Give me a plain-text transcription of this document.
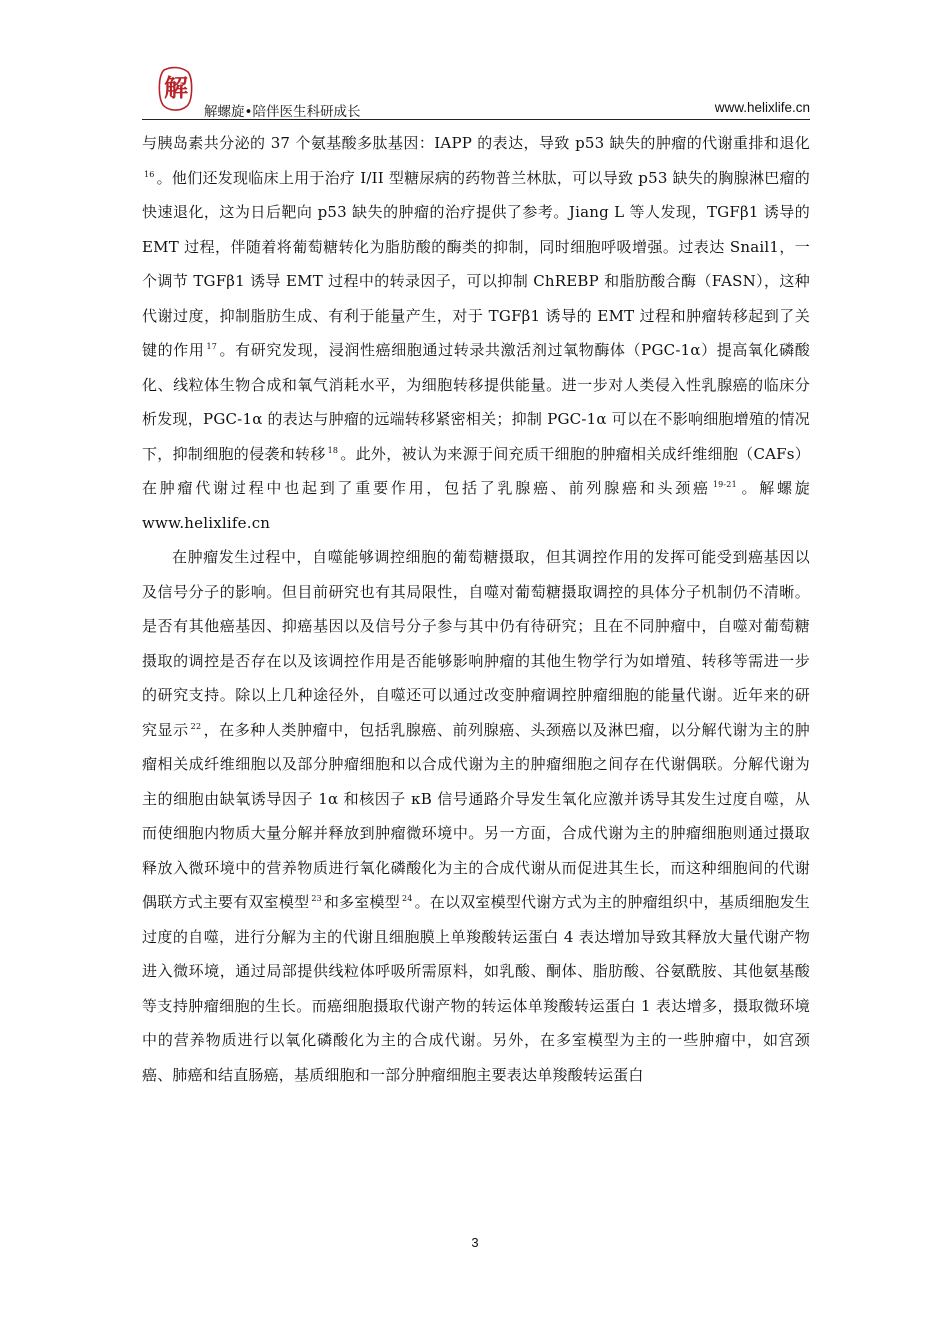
解
解螺旋•陪伴医生科研成长	www.helixlife.cn

与胰岛素共分泌的 37 个氨基酸多肽基因：IAPP 的表达，导致 p53 缺失的肿瘤的代谢重排和退化$^{16}$ 。他们还发现临床上用于治疗 I/II 型糖尿病的药物普兰林肽，可以导致 p53 缺失的胸腺淋巴瘤的快速退化，这为日后靶向 p53 缺失的肿瘤的治疗提供了参考。Jiang L 等人发现，TGFβ1 诱导的 EMT 过程，伴随着将葡萄糖转化为脂肪酸的酶类的抑制，同时细胞呼吸增强。过表达 Snail1，一个调节 TGFβ1 诱导 EMT 过程中的转录因子，可以抑制 ChREBP 和脂肪酸合酶（FASN），这种代谢过度，抑制脂肪生成、有利于能量产生，对于 TGFβ1 诱导的 EMT 过程和肿瘤转移起到了关键的作用 $^{17}$ 。有研究发现，浸润性癌细胞通过转录共激活剂过氧物酶体（PGC-1α）提高氧化磷酸化、线粒体生物合成和氧气消耗水平，为细胞转移提供能量。进一步对人类侵入性乳腺癌的临床分析发现，PGC-1α 的表达与肿瘤的远端转移紧密相关；抑制 PGC-1α 可以在不影响细胞增殖的情况下，抑制细胞的侵袭和转移 $^{18}$ 。此外，被认为来源于间充质干细胞的肿瘤相关成纤维细胞（CAFs）在肿瘤代谢过程中也起到了重要作用，包括了乳腺癌、前列腺癌和头颈癌 $^{19-21}$ 。解螺旋 www.helixlife.cn

在肿瘤发生过程中，自噬能够调控细胞的葡萄糖摄取，但其调控作用的发挥可能受到癌基因以及信号分子的影响。但目前研究也有其局限性，自噬对葡萄糖摄取调控的具体分子机制仍不清晰。是否有其他癌基因、抑癌基因以及信号分子参与其中仍有待研究；且在不同肿瘤中，自噬对葡萄糖摄取的调控是否存在以及该调控作用是否能够影响肿瘤的其他生物学行为如增殖、转移等需进一步的研究支持。除以上几种途径外，自噬还可以通过改变肿瘤调控肿瘤细胞的能量代谢。近年来的研究显示 $^{22}$ ，在多种人类肿瘤中，包括乳腺癌、前列腺癌、头颈癌以及淋巴瘤，以分解代谢为主的肿瘤相关成纤维细胞以及部分肿瘤细胞和以合成代谢为主的肿瘤细胞之间存在代谢偶联。分解代谢为主的细胞由缺氧诱导因子 1α 和核因子 κB 信号通路介导发生氧化应激并诱导其发生过度自噬，从而使细胞内物质大量分解并释放到肿瘤微环境中。另一方面，合成代谢为主的肿瘤细胞则通过摄取释放入微环境中的营养物质进行氧化磷酸化为主的合成代谢从而促进其生长，而这种细胞间的代谢偶联方式主要有双室模型 $^{23}$ 和多室模型 $^{24}$ 。在以双室模型代谢方式为主的肿瘤组织中，基质细胞发生过度的自噬，进行分解为主的代谢且细胞膜上单羧酸转运蛋白 4 表达增加导致其释放大量代谢产物进入微环境，通过局部提供线粒体呼吸所需原料，如乳酸、酮体、脂肪酸、谷氨酰胺、其他氨基酸等支持肿瘤细胞的生长。而癌细胞摄取代谢产物的转运体单羧酸转运蛋白 1 表达增多，摄取微环境中的营养物质进行以氧化磷酸化为主的合成代谢。另外，在多室模型为主的一些肿瘤中，如宫颈癌、肺癌和结直肠癌，基质细胞和一部分肿瘤细胞主要表达单羧酸转运蛋白

3
